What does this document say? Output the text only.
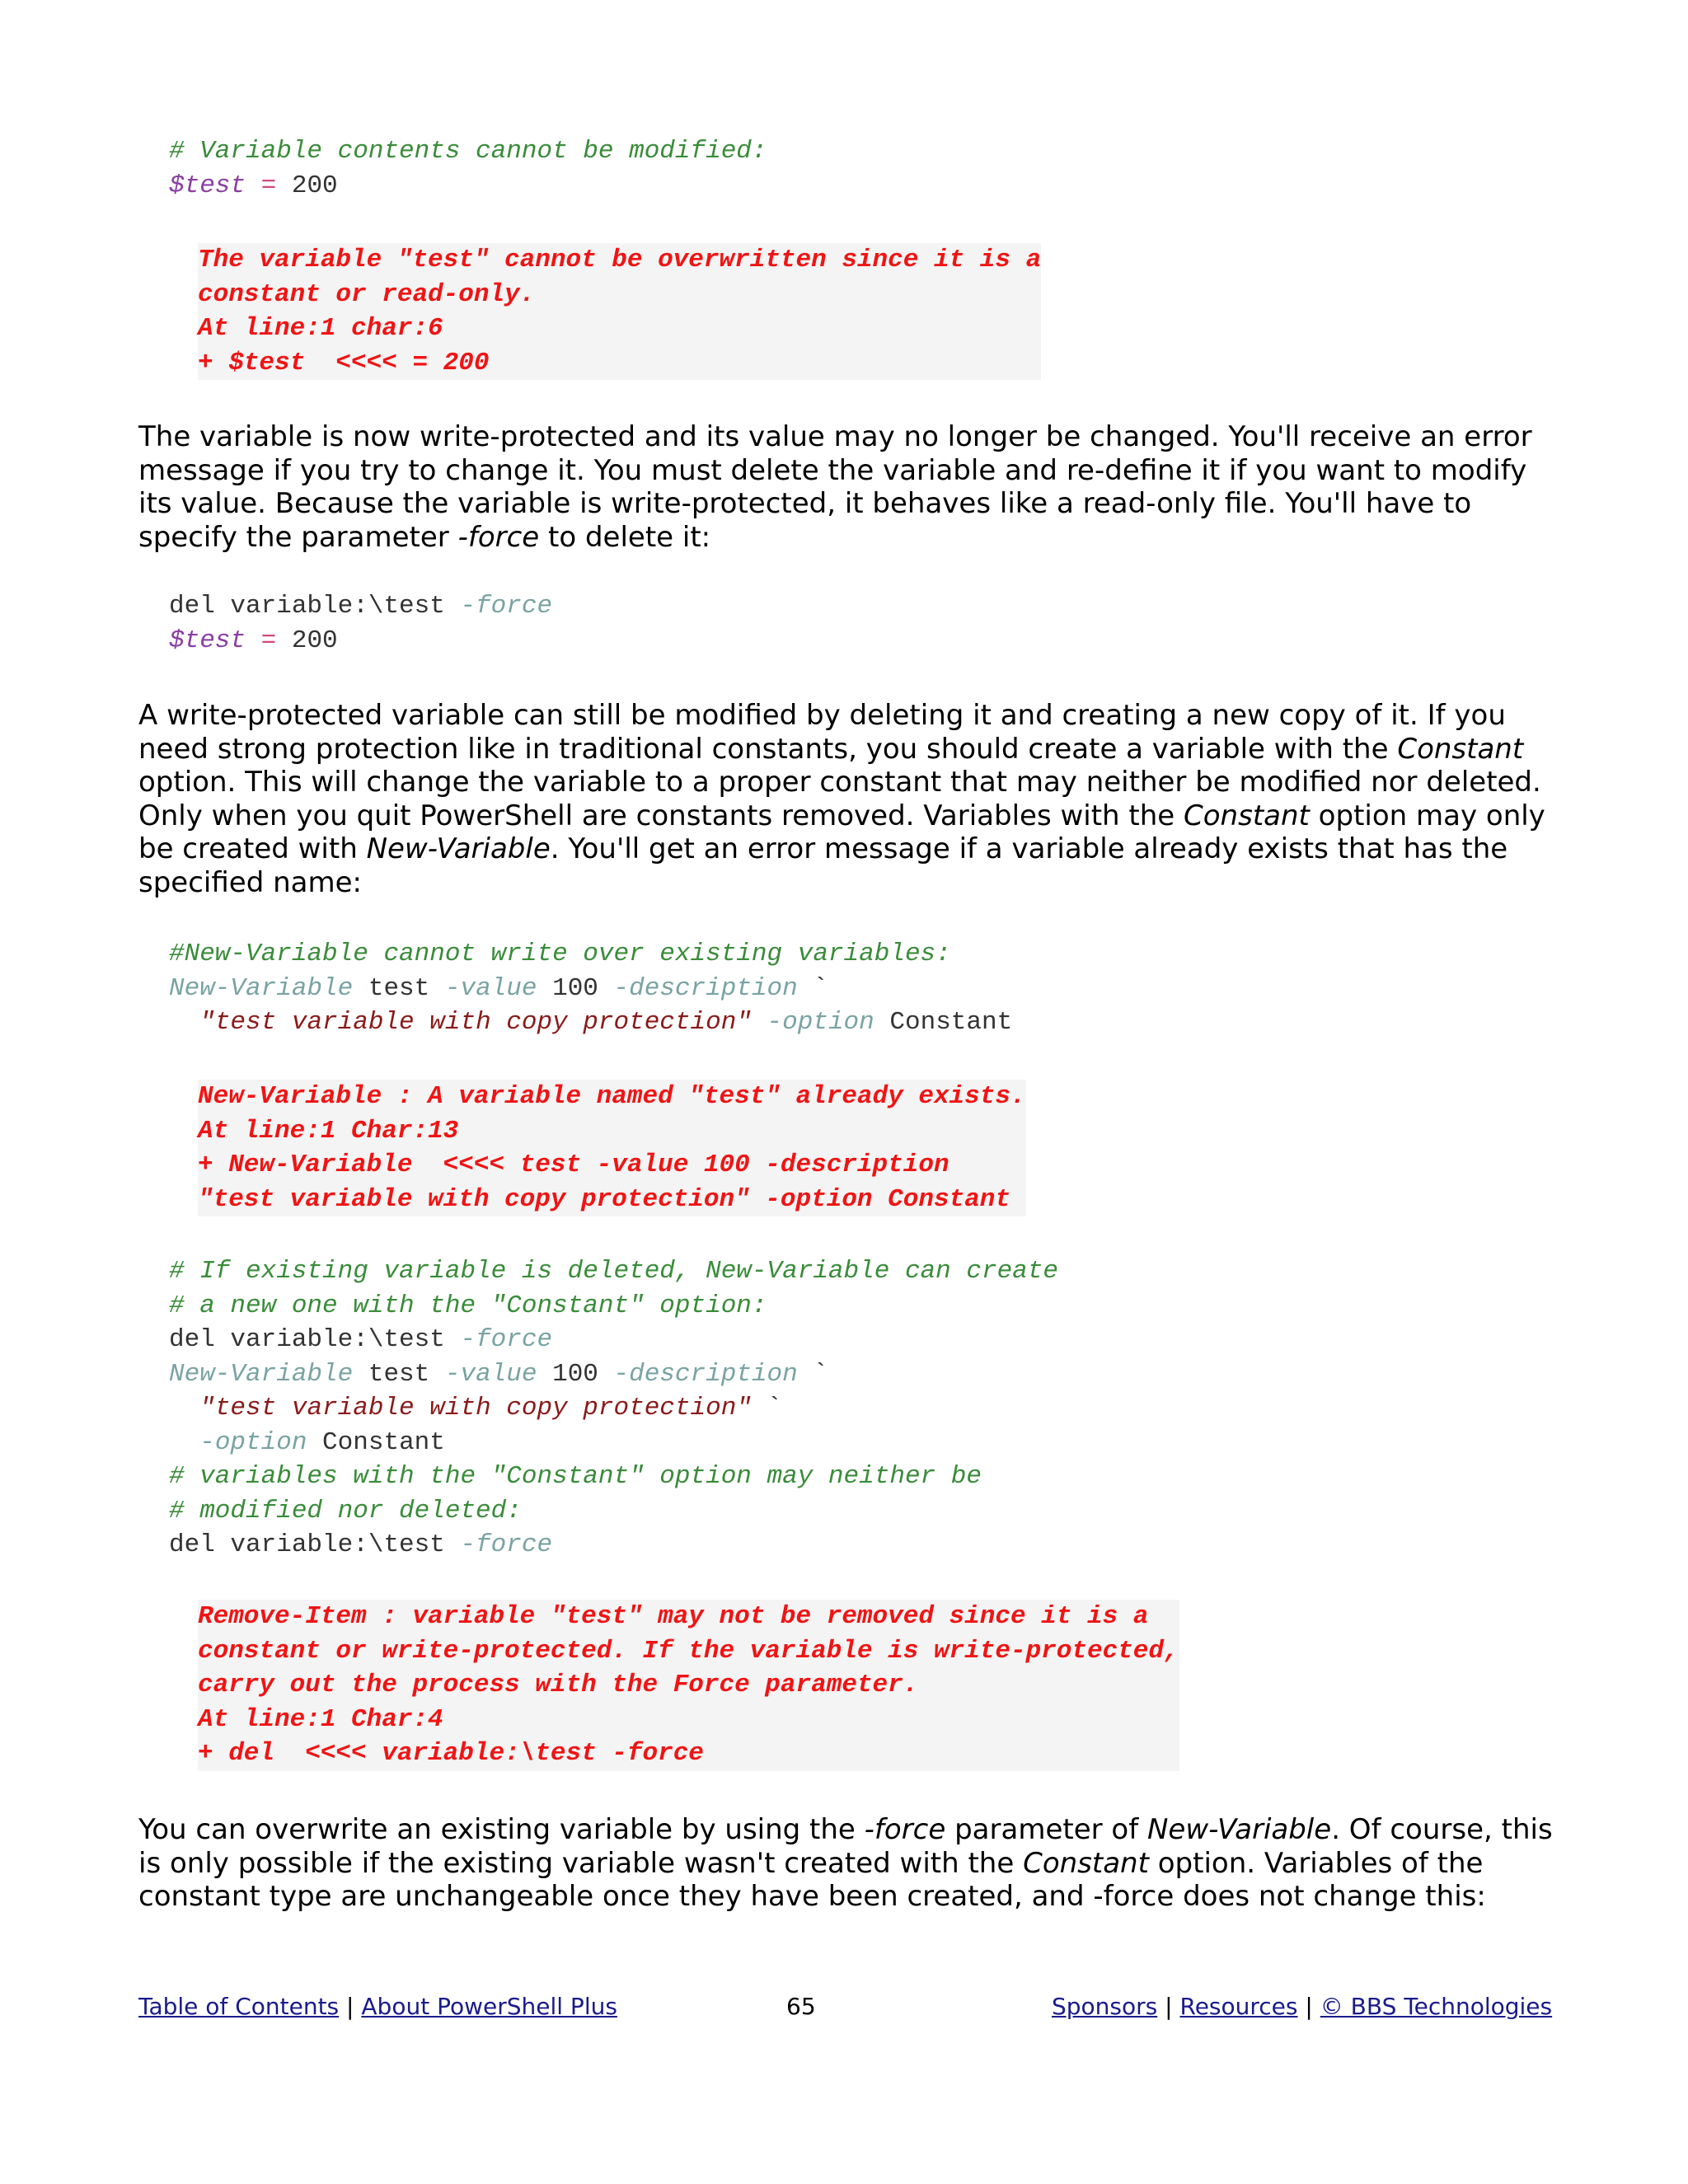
# Variable contents cannot be modified:
$test = 200
The variable "test" cannot be overwritten since it is a
constant or read-only.
At line:1 char:6
+ $test  <<<< = 200

The variable is now write-protected and its value may no longer be changed. You'll receive an error message if you try to change it. You must delete the variable and re-define it if you want to modify its value. Because the variable is write-protected, it behaves like a read-only file. You'll have to specify the parameter -force to delete it:

del variable:\test -force
$test = 200

A write-protected variable can still be modified by deleting it and creating a new copy of it. If you need strong protection like in traditional constants, you should create a variable with the Constant option. This will change the variable to a proper constant that may neither be modified nor deleted. Only when you quit PowerShell are constants removed. Variables with the Constant option may only be created with New-Variable. You'll get an error message if a variable already exists that has the specified name:

#New-Variable cannot write over existing variables:
New-Variable test -value 100 -description `
"test variable with copy protection" -option Constant
New-Variable : A variable named "test" already exists.
At line:1 Char:13
+ New-Variable  <<<< test -value 100 -description
"test variable with copy protection" -option Constant
# If existing variable is deleted, New-Variable can create
# a new one with the "Constant" option:
del variable:\test -force
New-Variable test -value 100 -description `
"test variable with copy protection" `
-option Constant
# variables with the "Constant" option may neither be
# modified nor deleted:
del variable:\test -force
Remove-Item : variable "test" may not be removed since it is a
constant or write-protected. If the variable is write-protected,
carry out the process with the Force parameter.
At line:1 Char:4
+ del  <<<< variable:\test -force

You can overwrite an existing variable by using the -force parameter of New-Variable. Of course, this is only possible if the existing variable wasn't created with the Constant option. Variables of the constant type are unchangeable once they have been created, and -force does not change this:

Table of Contents | About PowerShell Plus	65	Sponsors | Resources | © BBS Technologies
